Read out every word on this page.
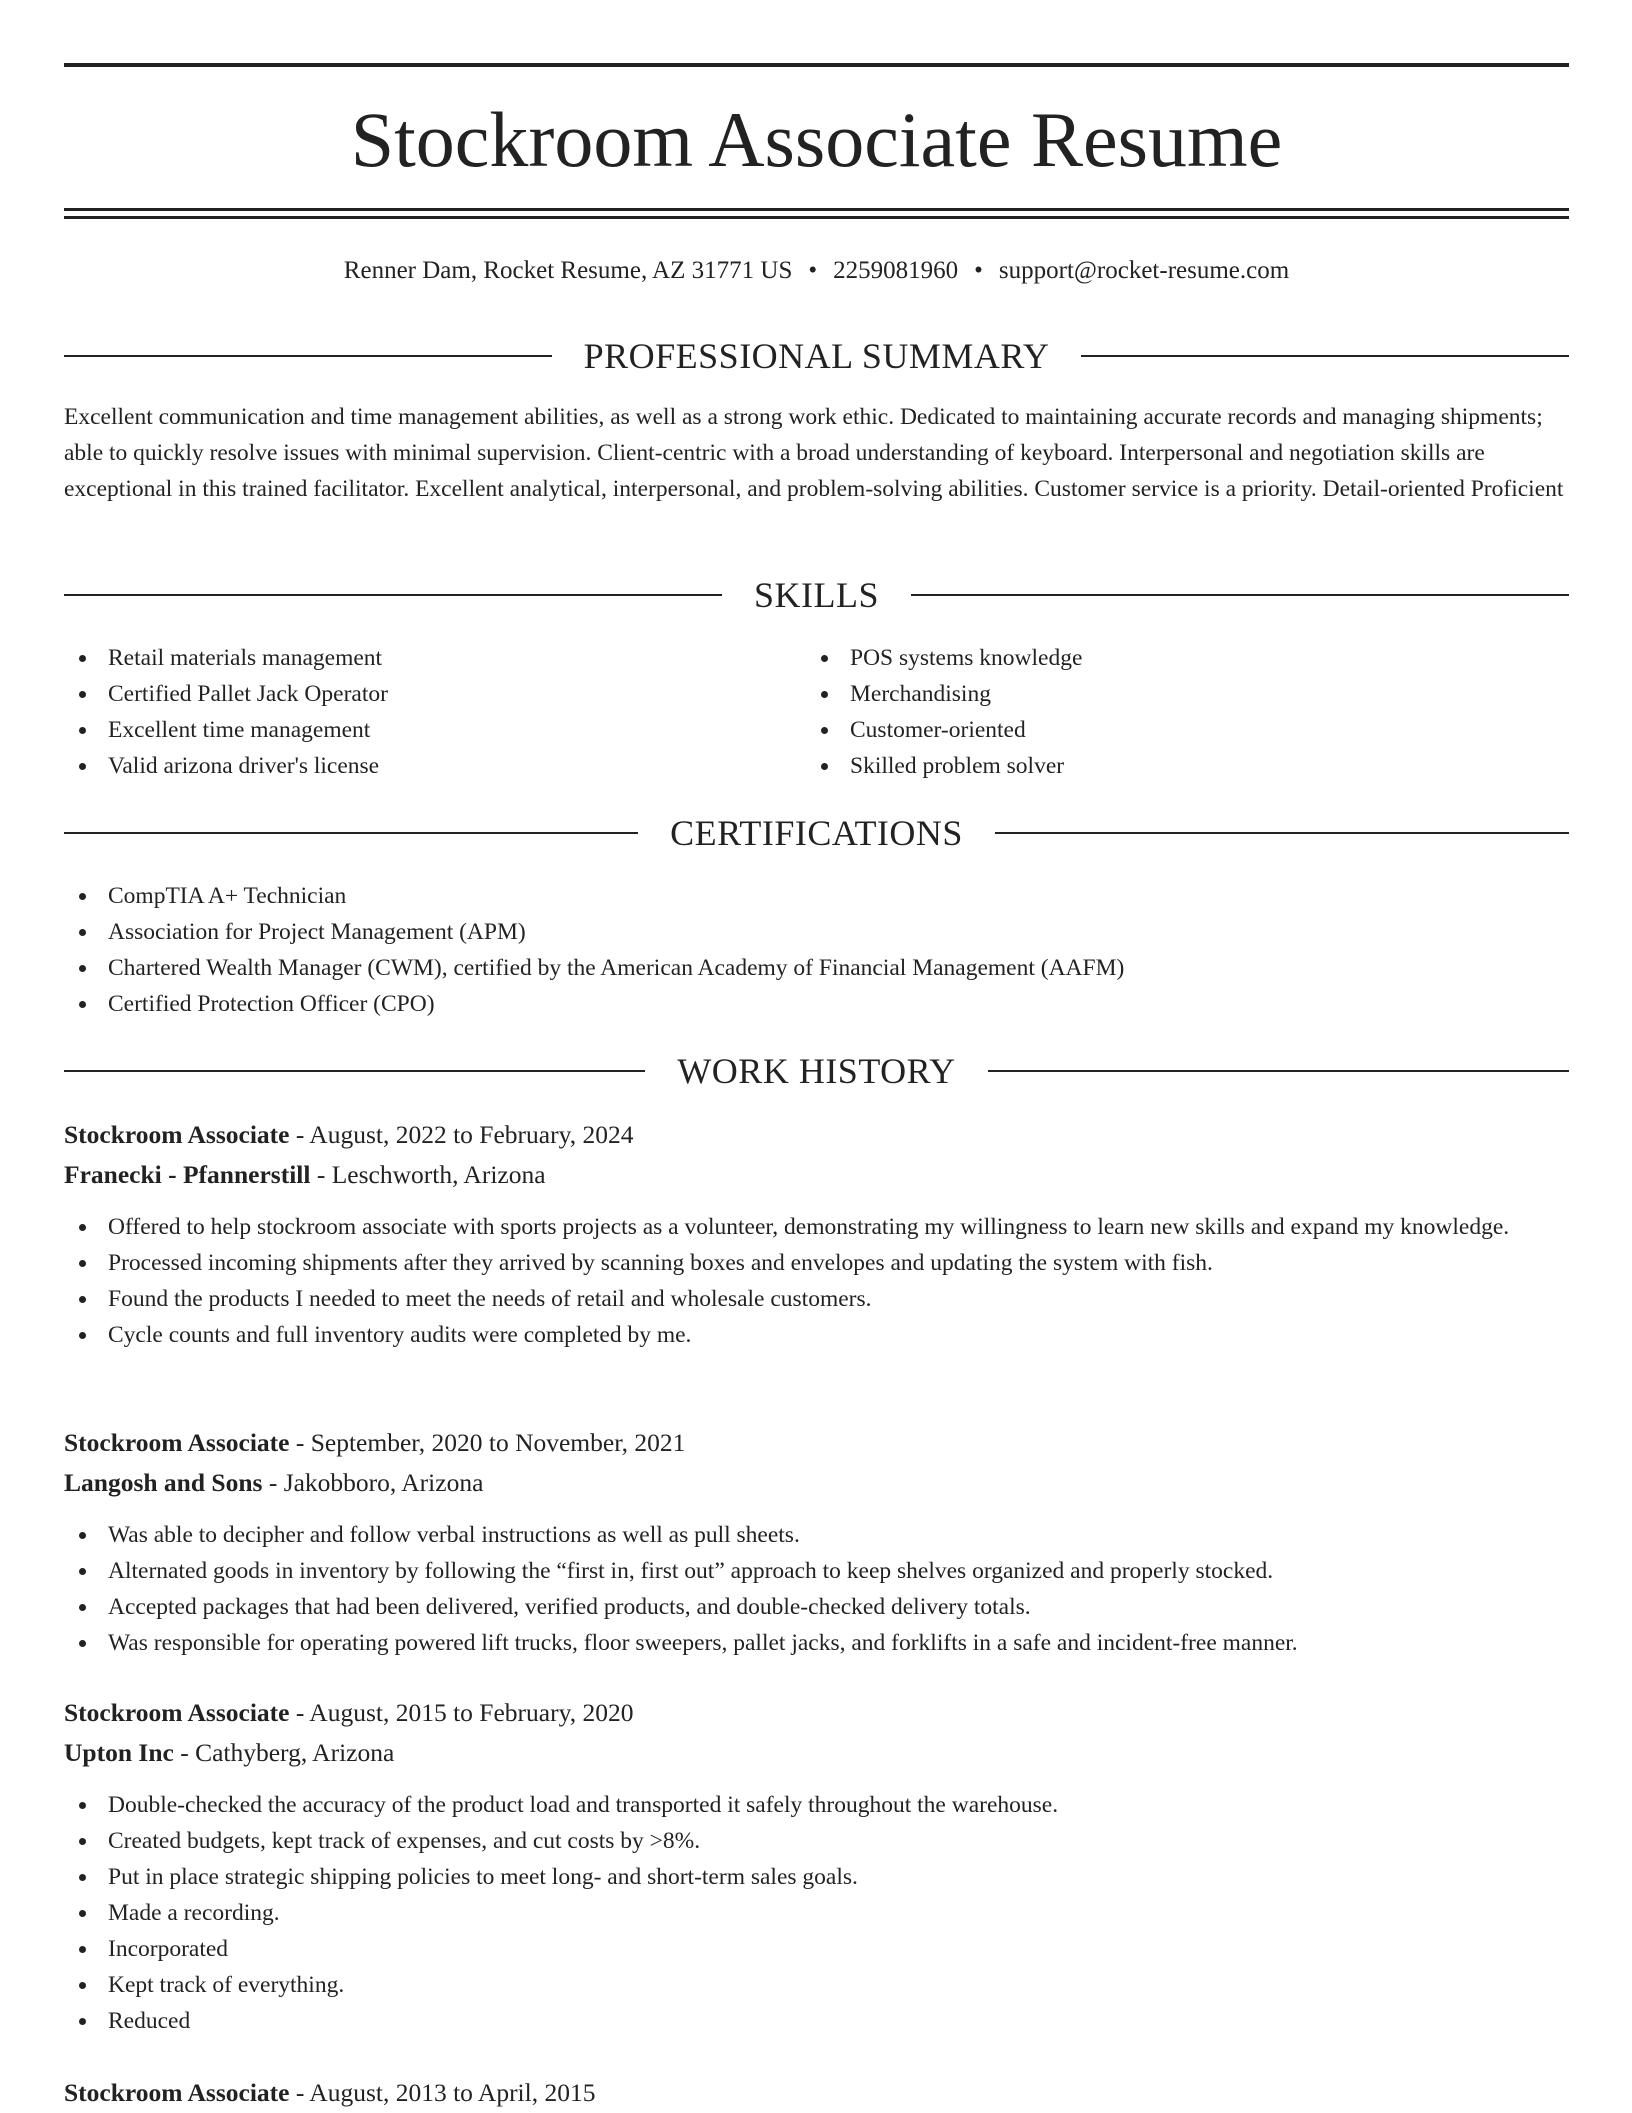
Stockroom Associate Resume
Renner Dam, Rocket Resume, AZ 31771 US • 2259081960 • support@rocket-resume.com
PROFESSIONAL SUMMARY

Excellent communication and time management abilities, as well as a strong work ethic. Dedicated to maintaining accurate records and managing shipments; able to quickly resolve issues with minimal supervision. Client-centric with a broad understanding of keyboard. Interpersonal and negotiation skills are exceptional in this trained facilitator. Excellent analytical, interpersonal, and problem-solving abilities. Customer service is a priority. Detail-oriented Proficient

SKILLS
Retail materials management
Certified Pallet Jack Operator
Excellent time management
Valid arizona driver's license
POS systems knowledge
Merchandising
Customer-oriented
Skilled problem solver
CERTIFICATIONS
CompTIA A+ Technician
Association for Project Management (APM)
Chartered Wealth Manager (CWM), certified by the American Academy of Financial Management (AAFM)
Certified Protection Officer (CPO)
WORK HISTORY
Stockroom Associate - August, 2022 to February, 2024
Franecki - Pfannerstill - Leschworth, Arizona
Offered to help stockroom associate with sports projects as a volunteer, demonstrating my willingness to learn new skills and expand my knowledge.
Processed incoming shipments after they arrived by scanning boxes and envelopes and updating the system with fish.
Found the products I needed to meet the needs of retail and wholesale customers.
Cycle counts and full inventory audits were completed by me.
Stockroom Associate - September, 2020 to November, 2021
Langosh and Sons - Jakobboro, Arizona
Was able to decipher and follow verbal instructions as well as pull sheets.
Alternated goods in inventory by following the “first in, first out” approach to keep shelves organized and properly stocked.
Accepted packages that had been delivered, verified products, and double-checked delivery totals.
Was responsible for operating powered lift trucks, floor sweepers, pallet jacks, and forklifts in a safe and incident-free manner.
Stockroom Associate - August, 2015 to February, 2020
Upton Inc - Cathyberg, Arizona
Double-checked the accuracy of the product load and transported it safely throughout the warehouse.
Created budgets, kept track of expenses, and cut costs by >8%.
Put in place strategic shipping policies to meet long- and short-term sales goals.
Made a recording.
Incorporated
Kept track of everything.
Reduced
Stockroom Associate - August, 2013 to April, 2015
